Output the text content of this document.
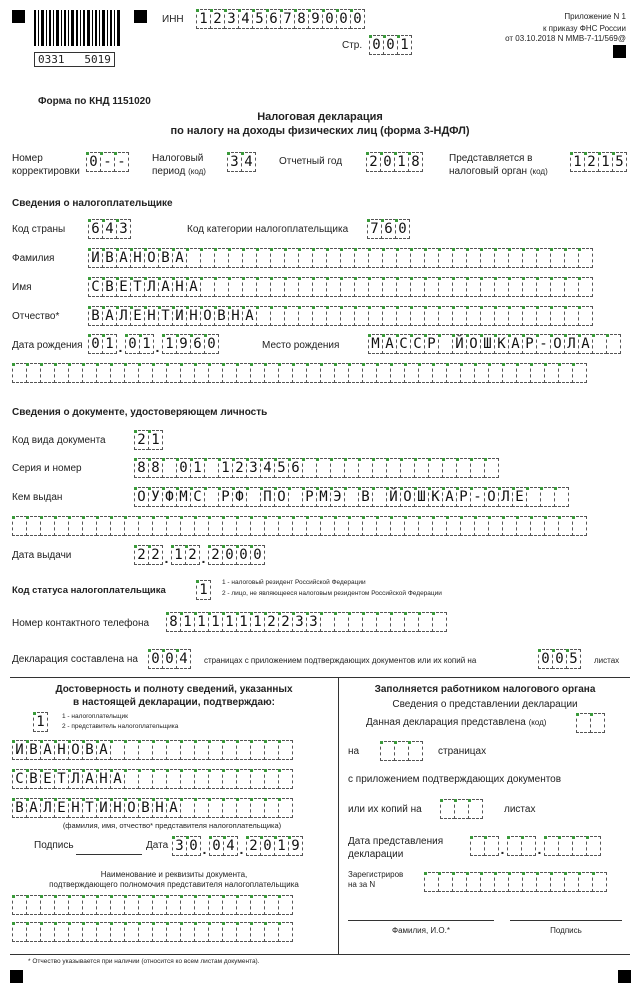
0331   5019
ИНН 1 2 3 4 5 6 7 8 9 0 0 0
Стр. 0 0 1
Приложение N 1
к приказу ФНС России
от 03.10.2018 N ММВ-7-11/569@
Форма по КНД 1151020
Налоговая декларация
по налогу на доходы физических лиц (форма 3-НДФЛ)
Номер
корректировки
0 - -	Налоговый
период (код)
3 4	Отчетный год 2 0 1 8	Представляется в
налоговый орган (код)
1 2 1 5
Сведения о налогоплательщике
Код страны 6 4 3	Код категории налогоплательщика 7 6 0
Фамилия	И В А Н О В А
Имя	С В Е Т Л А Н А
Отчество* В А Л Е Н Т И Н О В Н А
Дата рождения 0 1 . 0 1 . 1 9 6 0	Место рождения М А С С Р Й О Ш К А Р - О Л А
Сведения о документе, удостоверяющем личность
Код вида документа 2 1
Серия и номер	8 8 0 1 1 2 3 4 5 6
Кем выдан	О У Ф М С Р Ф П О Р М Э В Й О Ш К А Р - О Л Е
Дата выдачи	2 2 . 1 2 . 2 0 0 0
Код статуса налогоплательщика 1	1 - налоговый резидент Российской Федерации
2 - лицо, не являющееся налоговым резидентом Российской Федерации
Номер контактного телефона 8 1 1 1 1 1 1 2 2 3 3
Декларация составлена на 0 0 4	страницах с приложением подтверждающих документов или их копий на	0 0 5	листах
Достоверность и полноту сведений, указанных
в настоящей декларации, подтверждаю:
1	1 - налогоплательщик
2 - представитель налогоплательщика
И В А Н О В А
С В Е Т Л А Н А
В А Л Е Н Т И Н О В Н А
(фамилия, имя, отчество* представителя налогоплательщика)
Подпись	Дата 3 0 . 0 4 . 2 0 1 9
Наименование и реквизиты документа,
подтверждающего полномочия представителя налогоплательщика
Заполняется работником налогового органа
Сведения о представлении декларации
Данная декларация представлена (код)
на	страницах
с приложением подтверждающих документов
или их копий на	листах
Дата представления
декларации	. .
Зарегистриров
на за N
Фамилия, И.О.*	Подпись
* Отчество указывается при наличии (относится ко всем листам документа).
